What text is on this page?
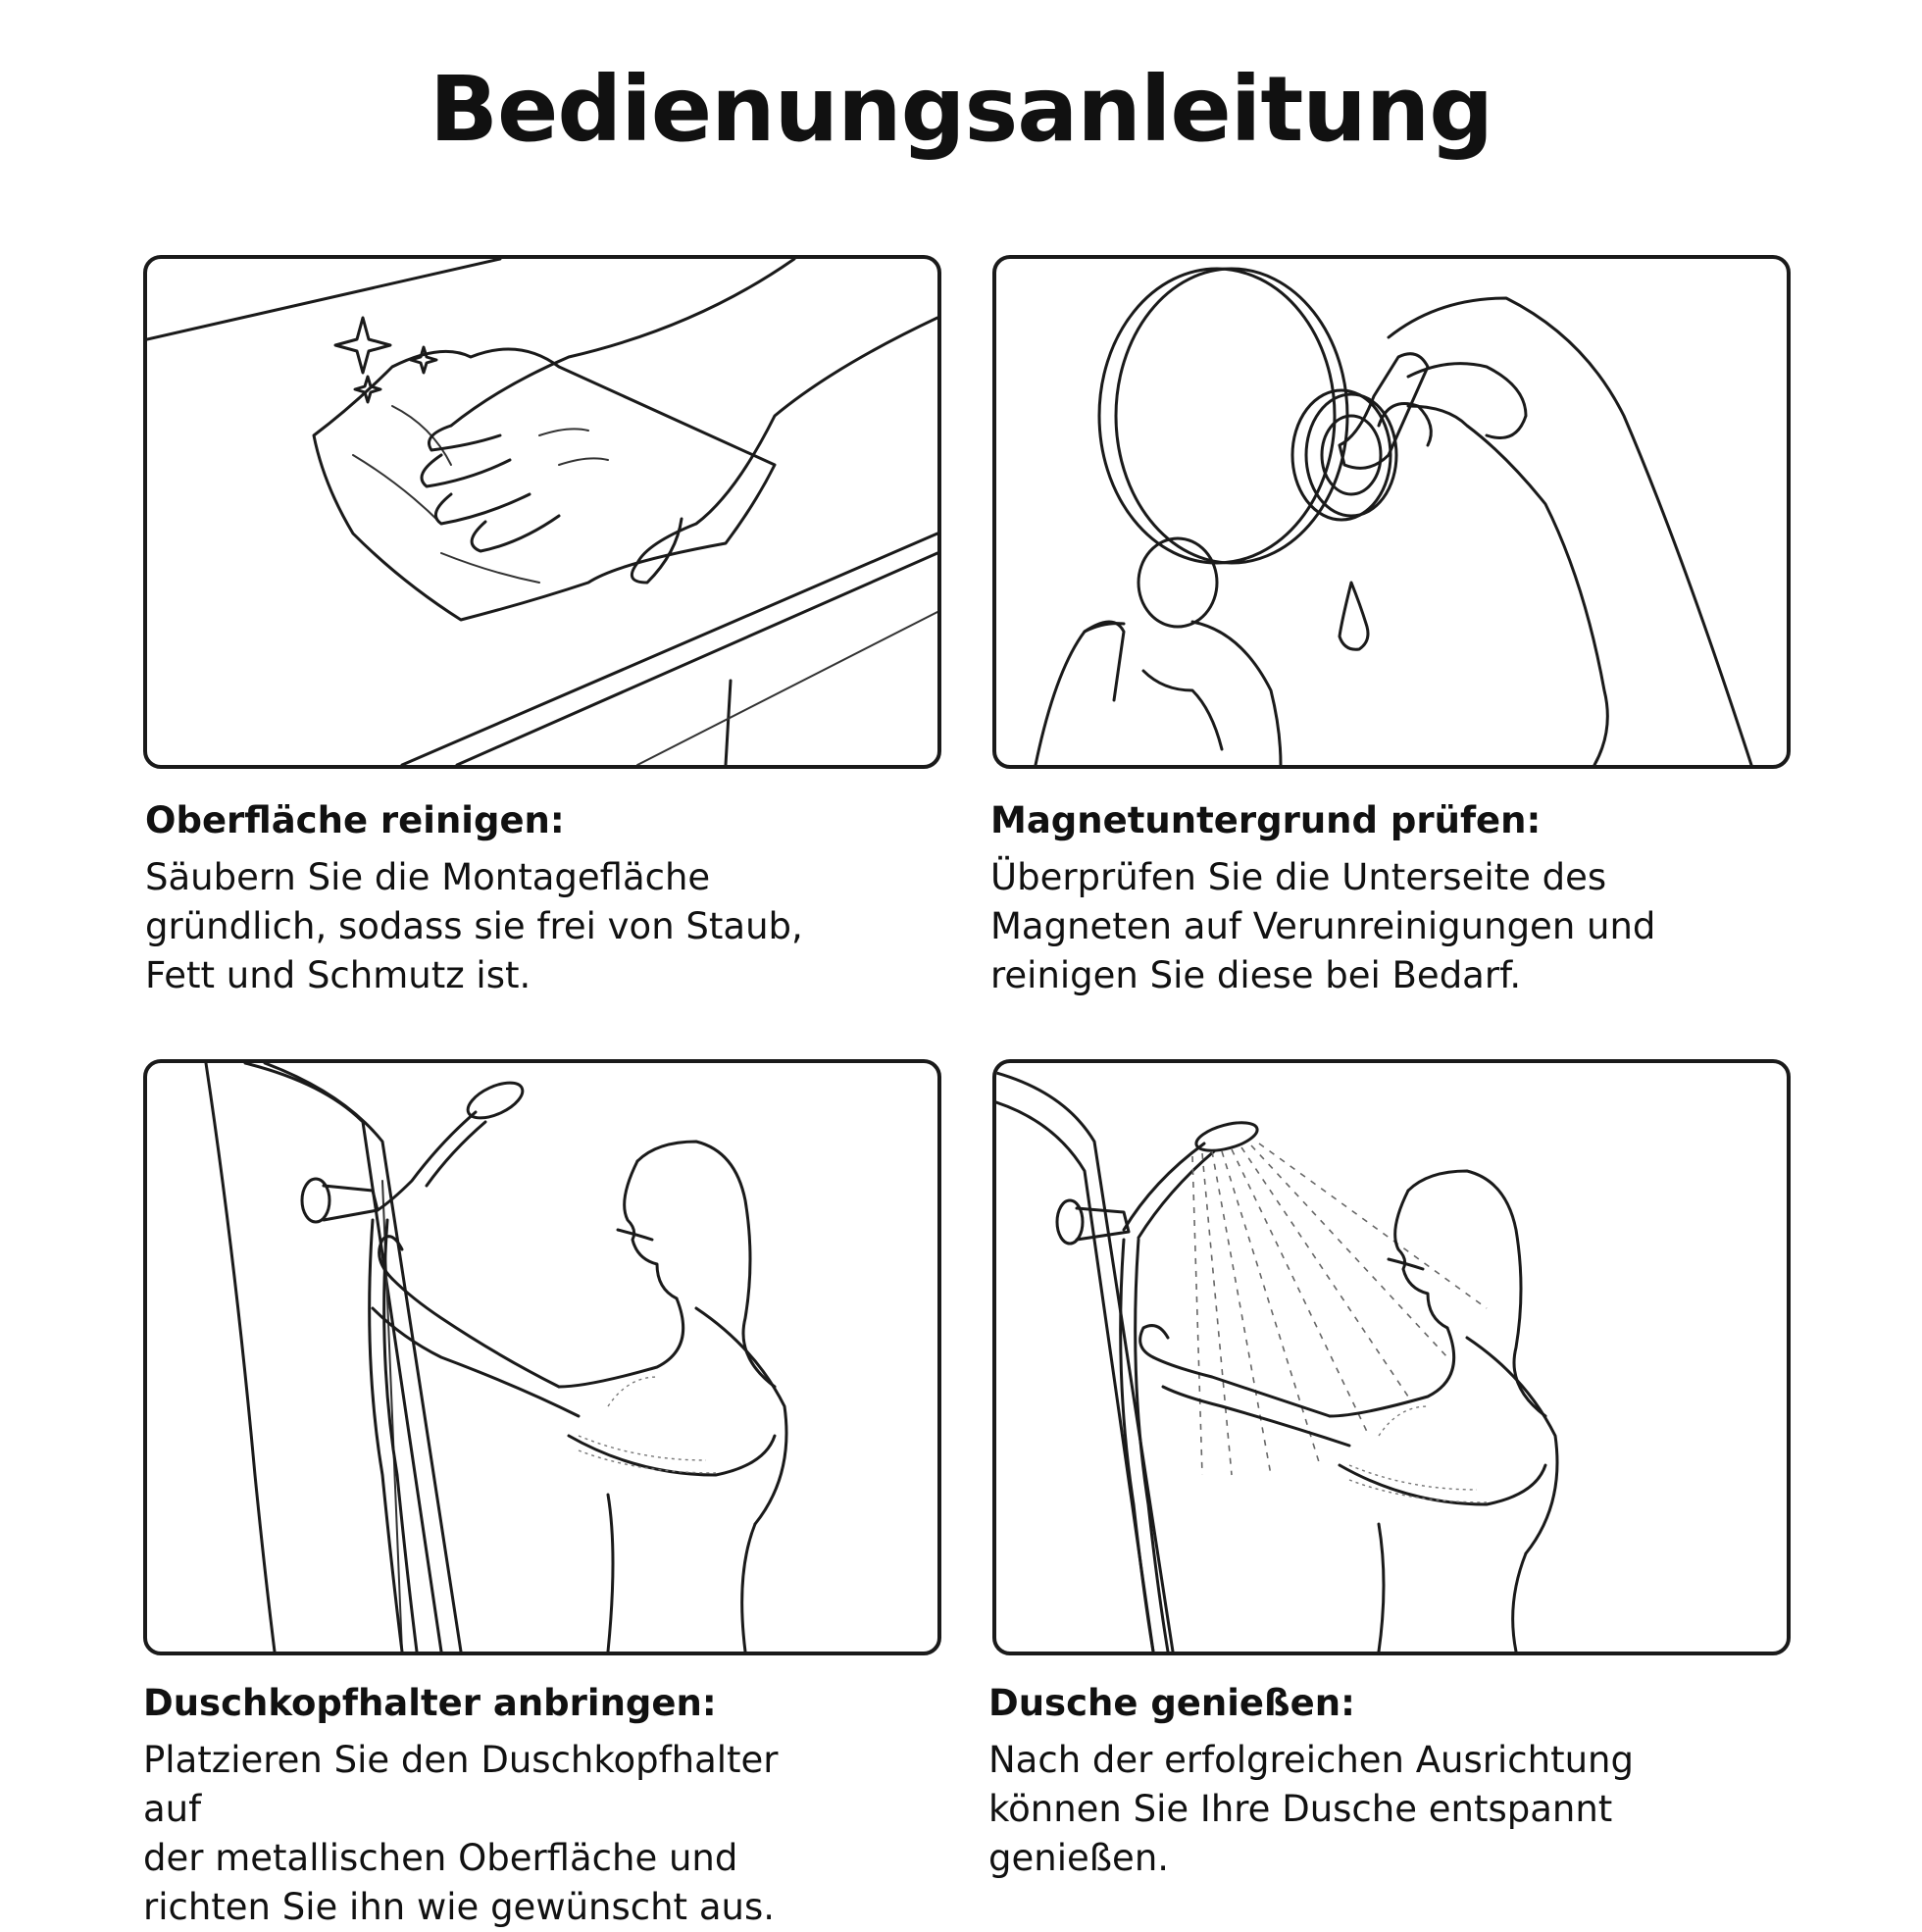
Bedienungsanleitung
Oberfläche reinigen:

Säubern Sie die Montagefläche
gründlich, sodass sie frei von Staub,
Fett und Schmutz ist.

Magnetuntergrund prüfen:

Überprüfen Sie die Unterseite des
Magneten auf Verunreinigungen und
reinigen Sie diese bei Bedarf.

Duschkopfhalter anbringen:

Platzieren Sie den Duschkopfhalter auf
der metallischen Oberfläche und
richten Sie ihn wie gewünscht aus.

Dusche genießen:

Nach der erfolgreichen Ausrichtung
können Sie Ihre Dusche entspannt
genießen.
